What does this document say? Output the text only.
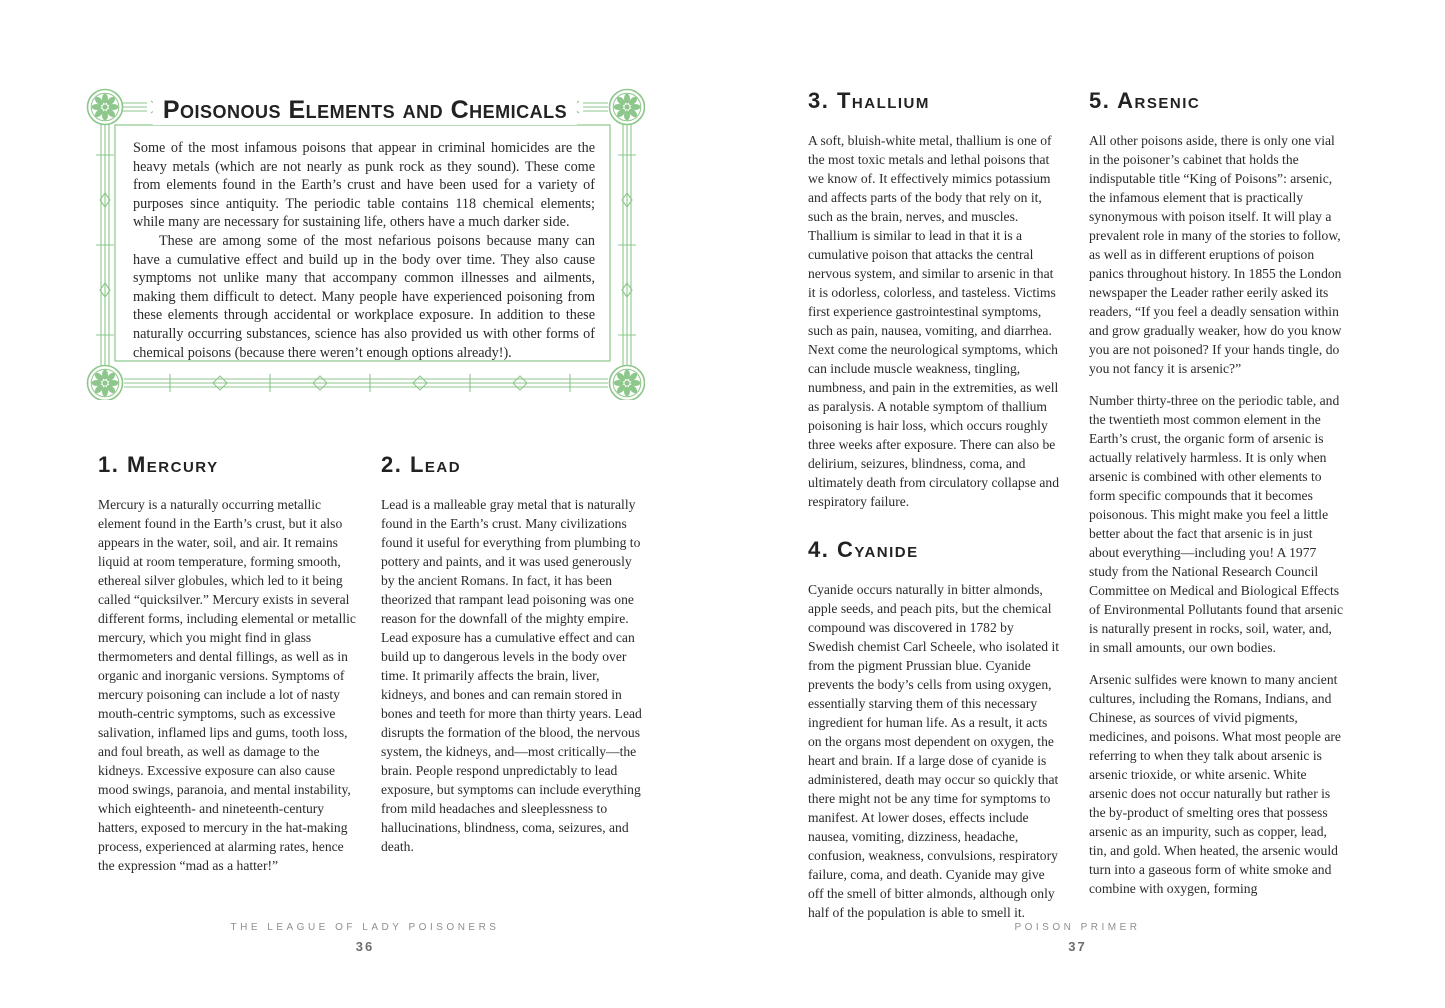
Poisonous Elements and Chemicals

Some of the most infamous poisons that appear in criminal homicides are the heavy metals (which are not nearly as punk rock as they sound). These come from elements found in the Earth’s crust and have been used for a variety of purposes since antiquity. The periodic table contains 118 chemical elements; while many are necessary for sustaining life, others have a much darker side.

These are among some of the most nefarious poisons because many can have a cumulative effect and build up in the body over time. They also cause symptoms not unlike many that accompany common illnesses and ailments, making them difficult to detect. Many people have experienced poisoning from these elements through accidental or workplace exposure. In addition to these naturally occurring substances, science has also provided us with other forms of chemical poisons (because there weren’t enough options already!).

1. Mercury

Mercury is a naturally occurring metallic element found in the Earth’s crust, but it also appears in the water, soil, and air. It remains liquid at room temperature, forming smooth, ethereal silver globules, which led to it being called “quicksilver.” Mercury exists in several different forms, including elemental or metallic mercury, which you might find in glass thermometers and dental fillings, as well as in organic and inorganic versions. Symptoms of mercury poisoning can include a lot of nasty mouth-centric symptoms, such as excessive salivation, inflamed lips and gums, tooth loss, and foul breath, as well as damage to the kidneys. Excessive exposure can also cause mood swings, paranoia, and mental instability, which eighteenth- and nineteenth-century hatters, exposed to mercury in the hat-making process, experienced at alarming rates, hence the expression “mad as a hatter!”

2. Lead

Lead is a malleable gray metal that is naturally found in the Earth’s crust. Many civilizations found it useful for everything from plumbing to pottery and paints, and it was used generously by the ancient Romans. In fact, it has been theorized that rampant lead poisoning was one reason for the downfall of the mighty empire. Lead exposure has a cumulative effect and can build up to dangerous levels in the body over time. It primarily affects the brain, liver, kidneys, and bones and can remain stored in bones and teeth for more than thirty years. Lead disrupts the formation of the blood, the nervous system, the kidneys, and—most critically—the brain. People respond unpredictably to lead exposure, but symptoms can include everything from mild headaches and sleeplessness to hallucinations, blindness, coma, seizures, and death.

THE LEAGUE OF LADY POISONERS
36
3. Thallium

A soft, bluish-white metal, thallium is one of the most toxic metals and lethal poisons that we know of. It effectively mimics potassium and affects parts of the body that rely on it, such as the brain, nerves, and muscles. Thallium is similar to lead in that it is a cumulative poison that attacks the central nervous system, and similar to arsenic in that it is odorless, colorless, and tasteless. Victims first experience gastrointestinal symptoms, such as pain, nausea, vomiting, and diarrhea. Next come the neurological symptoms, which can include muscle weakness, tingling, numbness, and pain in the extremities, as well as paralysis. A notable symptom of thallium poisoning is hair loss, which occurs roughly three weeks after exposure. There can also be delirium, seizures, blindness, coma, and ultimately death from circulatory collapse and respiratory failure.

4. Cyanide

Cyanide occurs naturally in bitter almonds, apple seeds, and peach pits, but the chemical compound was discovered in 1782 by Swedish chemist Carl Scheele, who isolated it from the pigment Prussian blue. Cyanide prevents the body’s cells from using oxygen, essentially starving them of this necessary ingredient for human life. As a result, it acts on the organs most dependent on oxygen, the heart and brain. If a large dose of cyanide is administered, death may occur so quickly that there might not be any time for symptoms to manifest. At lower doses, effects include nausea, vomiting, dizziness, headache, confusion, weakness, convulsions, respiratory failure, coma, and death. Cyanide may give off the smell of bitter almonds, although only half of the population is able to smell it.

5. Arsenic

All other poisons aside, there is only one vial in the poisoner’s cabinet that holds the indisputable title “King of Poisons”: arsenic, the infamous element that is practically synonymous with poison itself. It will play a prevalent role in many of the stories to follow, as well as in different eruptions of poison panics throughout history. In 1855 the London newspaper the Leader rather eerily asked its readers, “If you feel a deadly sensation within and grow gradually weaker, how do you know you are not poisoned? If your hands tingle, do you not fancy it is arsenic?”

Number thirty-three on the periodic table, and the twentieth most common element in the Earth’s crust, the organic form of arsenic is actually relatively harmless. It is only when arsenic is combined with other elements to form specific compounds that it becomes poisonous. This might make you feel a little better about the fact that arsenic is in just about everything—including you! A 1977 study from the National Research Council Committee on Medical and Biological Effects of Environmental Pollutants found that arsenic is naturally present in rocks, soil, water, and, in small amounts, our own bodies.

Arsenic sulfides were known to many ancient cultures, including the Romans, Indians, and Chinese, as sources of vivid pigments, medicines, and poisons. What most people are referring to when they talk about arsenic is arsenic trioxide, or white arsenic. White arsenic does not occur naturally but rather is the by-product of smelting ores that possess arsenic as an impurity, such as copper, lead, tin, and gold. When heated, the arsenic would turn into a gaseous form of white smoke and combine with oxygen, forming

POISON PRIMER
37
